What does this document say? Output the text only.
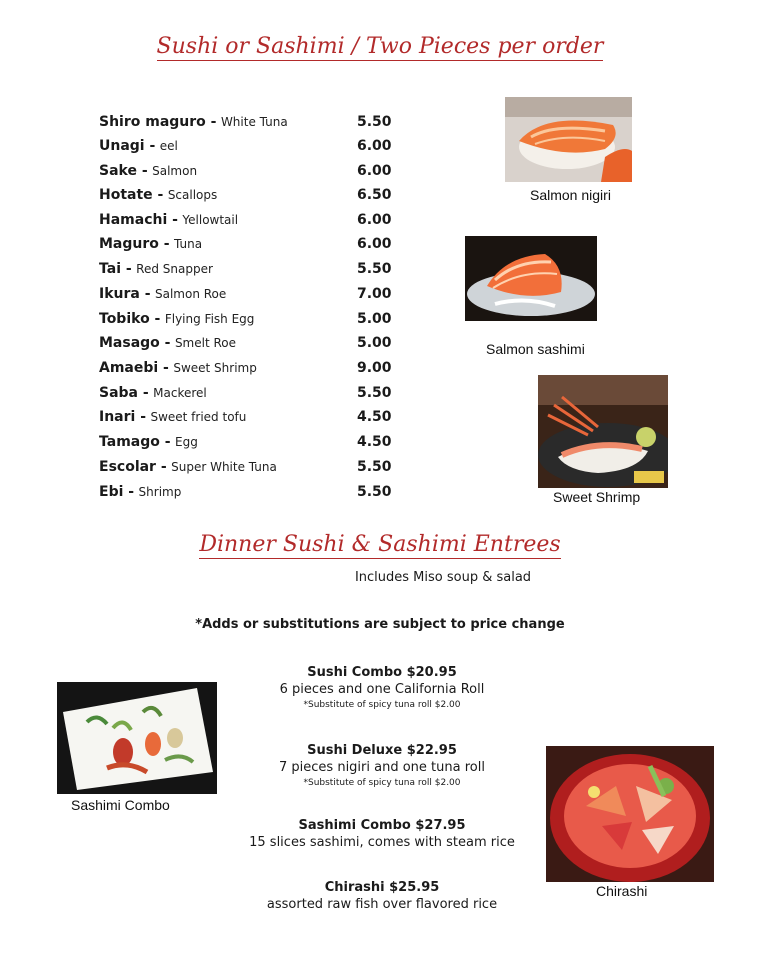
Sushi or Sashimi / Two Pieces per order
Dinner Sushi & Sashimi Entrees
Shiro maguro - White Tuna	5.50
Unagi - eel	6.00
Sake - Salmon	6.00
Hotate - Scallops	6.50
Hamachi - Yellowtail	6.00
Maguro - Tuna	6.00
Tai - Red Snapper	5.50
Ikura - Salmon Roe	7.00
Tobiko - Flying Fish Egg	5.00
Masago - Smelt Roe	5.00
Amaebi - Sweet Shrimp	9.00
Saba - Mackerel	5.50
Inari - Sweet fried tofu	4.50
Tamago - Egg	4.50
Escolar - Super White Tuna	5.50
Ebi - Shrimp	5.50
Salmon nigiri
Salmon sashimi
Sweet Shrimp
Includes Miso soup & salad
*Adds or substitutions are subject to price change
Sashimi Combo
Chirashi
Sushi Combo $20.95
6 pieces and one California Roll
*Substitute of spicy tuna roll $2.00
Sushi Deluxe $22.95
7 pieces nigiri and one tuna roll
*Substitute of spicy tuna roll $2.00
Sashimi Combo $27.95
15 slices sashimi, comes with steam rice
Chirashi $25.95
assorted raw fish over flavored rice
